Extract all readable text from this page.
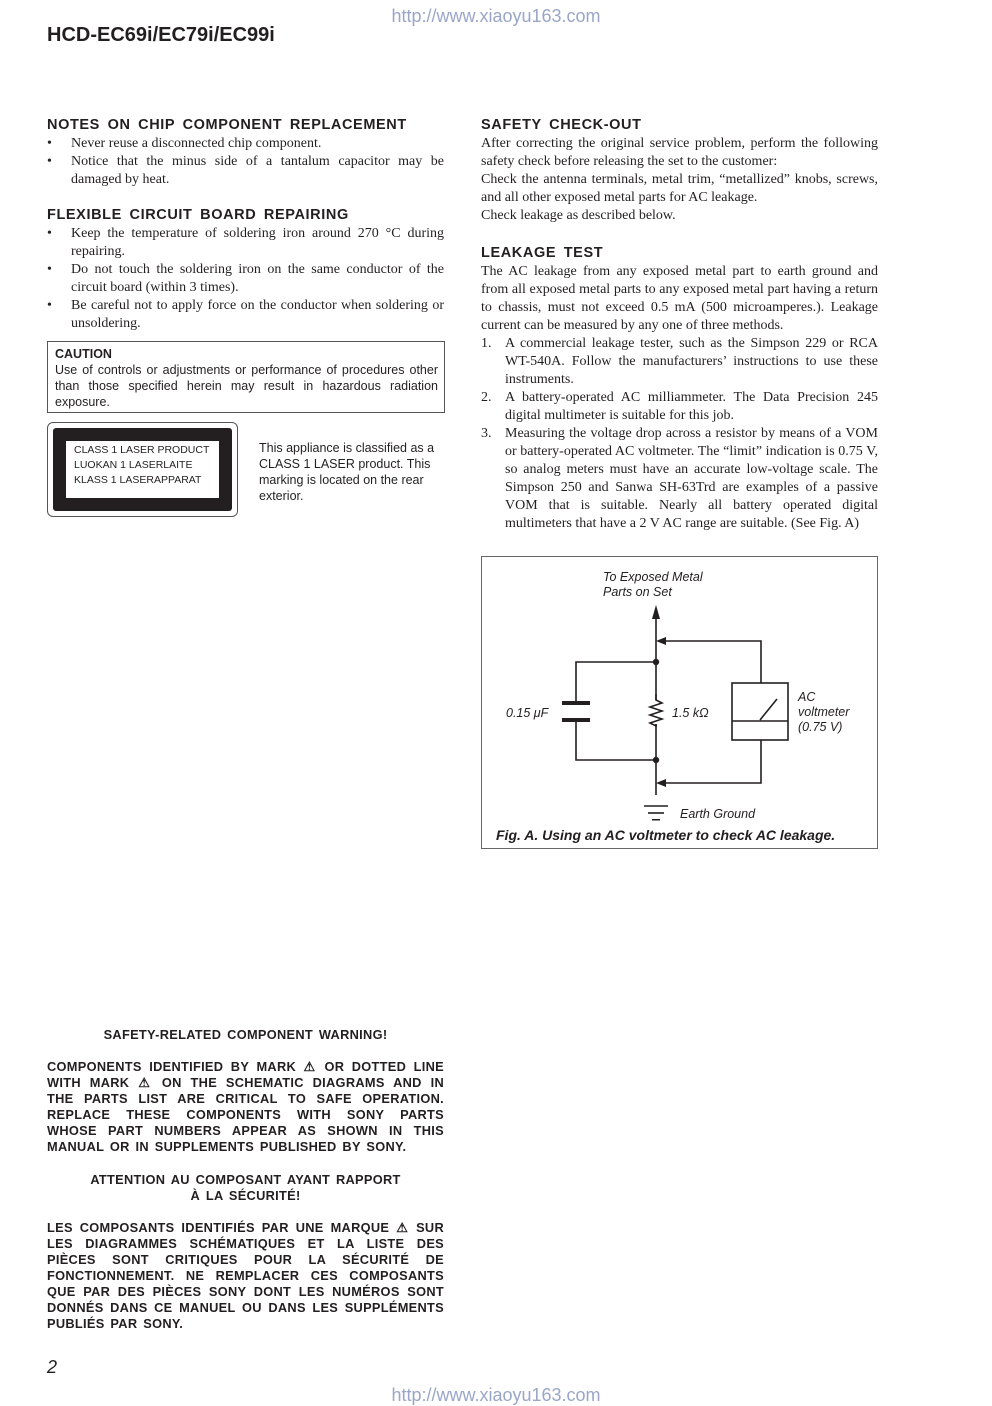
http://www.xiaoyu163.com
HCD-EC69i/EC79i/EC99i
NOTES ON CHIP COMPONENT REPLACEMENT
• Never reuse a disconnected chip component.
• Notice that the minus side of a tantalum capacitor may be damaged by heat.
FLEXIBLE CIRCUIT BOARD REPAIRING
• Keep the temperature of soldering iron around 270 °C during repairing.
• Do not touch the soldering iron on the same conductor of the circuit board (within 3 times).
• Be careful not to apply force on the conductor when soldering or unsoldering.
CAUTION
Use of controls or adjustments or performance of procedures other than those specified herein may result in hazardous radiation exposure.
CLASS 1 LASER PRODUCT
LUOKAN 1 LASERLAITE
KLASS 1 LASERAPPARAT
This appliance is classified as a CLASS 1 LASER product. This marking is located on the rear exterior.
SAFETY-RELATED COMPONENT WARNING!
COMPONENTS IDENTIFIED BY MARK ⚠ OR DOTTED LINE WITH MARK ⚠ ON THE SCHEMATIC DIAGRAMS AND IN THE PARTS LIST ARE CRITICAL TO SAFE OPERATION. REPLACE THESE COMPONENTS WITH SONY PARTS WHOSE PART NUMBERS APPEAR AS SHOWN IN THIS MANUAL OR IN SUPPLEMENTS PUBLISHED BY SONY.
ATTENTION AU COMPOSANT AYANT RAPPORT
À LA SÉCURITÉ!
LES COMPOSANTS IDENTIFIÉS PAR UNE MARQUE ⚠ SUR LES DIAGRAMMES SCHÉMATIQUES ET LA LISTE DES PIÈCES SONT CRITIQUES POUR LA SÉCURITÉ DE FONCTIONNEMENT. NE REMPLACER CES COMPOSANTS QUE PAR DES PIÈCES SONY DONT LES NUMÉROS SONT DONNÉS DANS CE MANUEL OU DANS LES SUPPLÉMENTS PUBLIÉS PAR SONY.
SAFETY CHECK-OUT

After correcting the original service problem, perform the following safety check before releasing the set to the customer:

Check the antenna terminals, metal trim, “metallized” knobs, screws, and all other exposed metal parts for AC leakage.

Check leakage as described below.

LEAKAGE TEST

The AC leakage from any exposed metal part to earth ground and from all exposed metal parts to any exposed metal part having a return to chassis, must not exceed 0.5 mA (500 microamperes.). Leakage current can be measured by any one of three methods.

1. A commercial leakage tester, such as the Simpson 229 or RCA WT-540A. Follow the manufacturers’ instructions to use these instruments.
2. A battery-operated AC milliammeter. The Data Precision 245 digital multimeter is suitable for this job.
3. Measuring the voltage drop across a resistor by means of a VOM or battery-operated AC voltmeter. The “limit” indication is 0.75 V, so analog meters must have an accurate low-voltage scale. The Simpson 250 and Sanwa SH-63Trd are examples of a passive VOM that is suitable. Nearly all battery operated digital multimeters that have a 2 V AC range are suitable. (See Fig. A)
To Exposed Metal
Parts on Set
0.15 μF	1.5 kΩ
AC
voltmeter
(0.75 V)
Earth Ground
Fig. A. Using an AC voltmeter to check AC leakage.
2
http://www.xiaoyu163.com
